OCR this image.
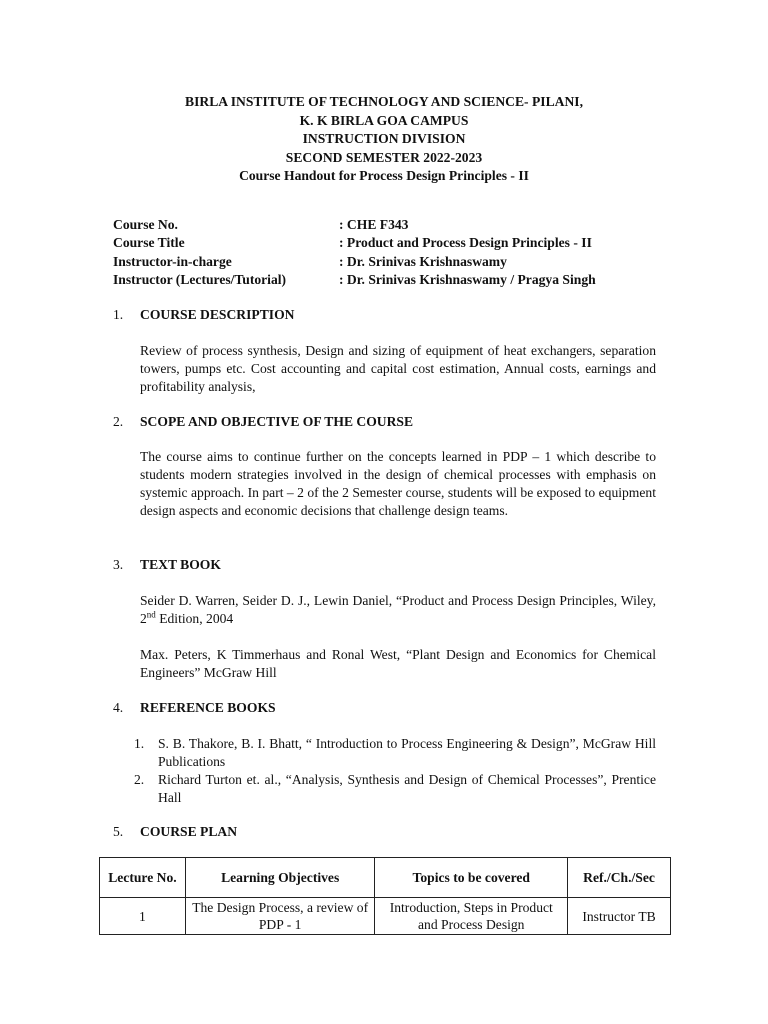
BIRLA INSTITUTE OF TECHNOLOGY AND SCIENCE- PILANI,
K. K BIRLA GOA CAMPUS
INSTRUCTION DIVISION
SECOND SEMESTER 2022-2023
Course Handout for Process Design Principles - II
Course No.	: CHE F343
Course Title	: Product and Process Design Principles - II
Instructor-in-charge	: Dr. Srinivas Krishnaswamy
Instructor (Lectures/Tutorial)	: Dr. Srinivas Krishnaswamy / Pragya Singh
1. COURSE DESCRIPTION
Review of process synthesis, Design and sizing of equipment of heat exchangers, separation towers, pumps etc. Cost accounting and capital cost estimation, Annual costs, earnings and profitability analysis,
2. SCOPE AND OBJECTIVE OF THE COURSE
The course aims to continue further on the concepts learned in PDP – 1 which describe to students modern strategies involved in the design of chemical processes with emphasis on systemic approach. In part – 2 of the 2 Semester course, students will be exposed to equipment design aspects and economic decisions that challenge design teams.
3. TEXT BOOK
Seider D. Warren, Seider D. J., Lewin Daniel, “Product and Process Design Principles, Wiley, 2nd Edition, 2004
Max. Peters, K Timmerhaus and Ronal West, “Plant Design and Economics for Chemical Engineers” McGraw Hill
4. REFERENCE BOOKS
1.	S. B. Thakore, B. I. Bhatt, “ Introduction to Process Engineering & Design”, McGraw Hill Publications
2.	Richard Turton et. al., “Analysis, Synthesis and Design of Chemical Processes”, Prentice Hall
5. COURSE PLAN
Lecture No.	Learning Objectives	Topics to be covered	Ref./Ch./Sec
1	The Design Process, a review of PDP - 1	Introduction, Steps in Product and Process Design	Instructor TB
